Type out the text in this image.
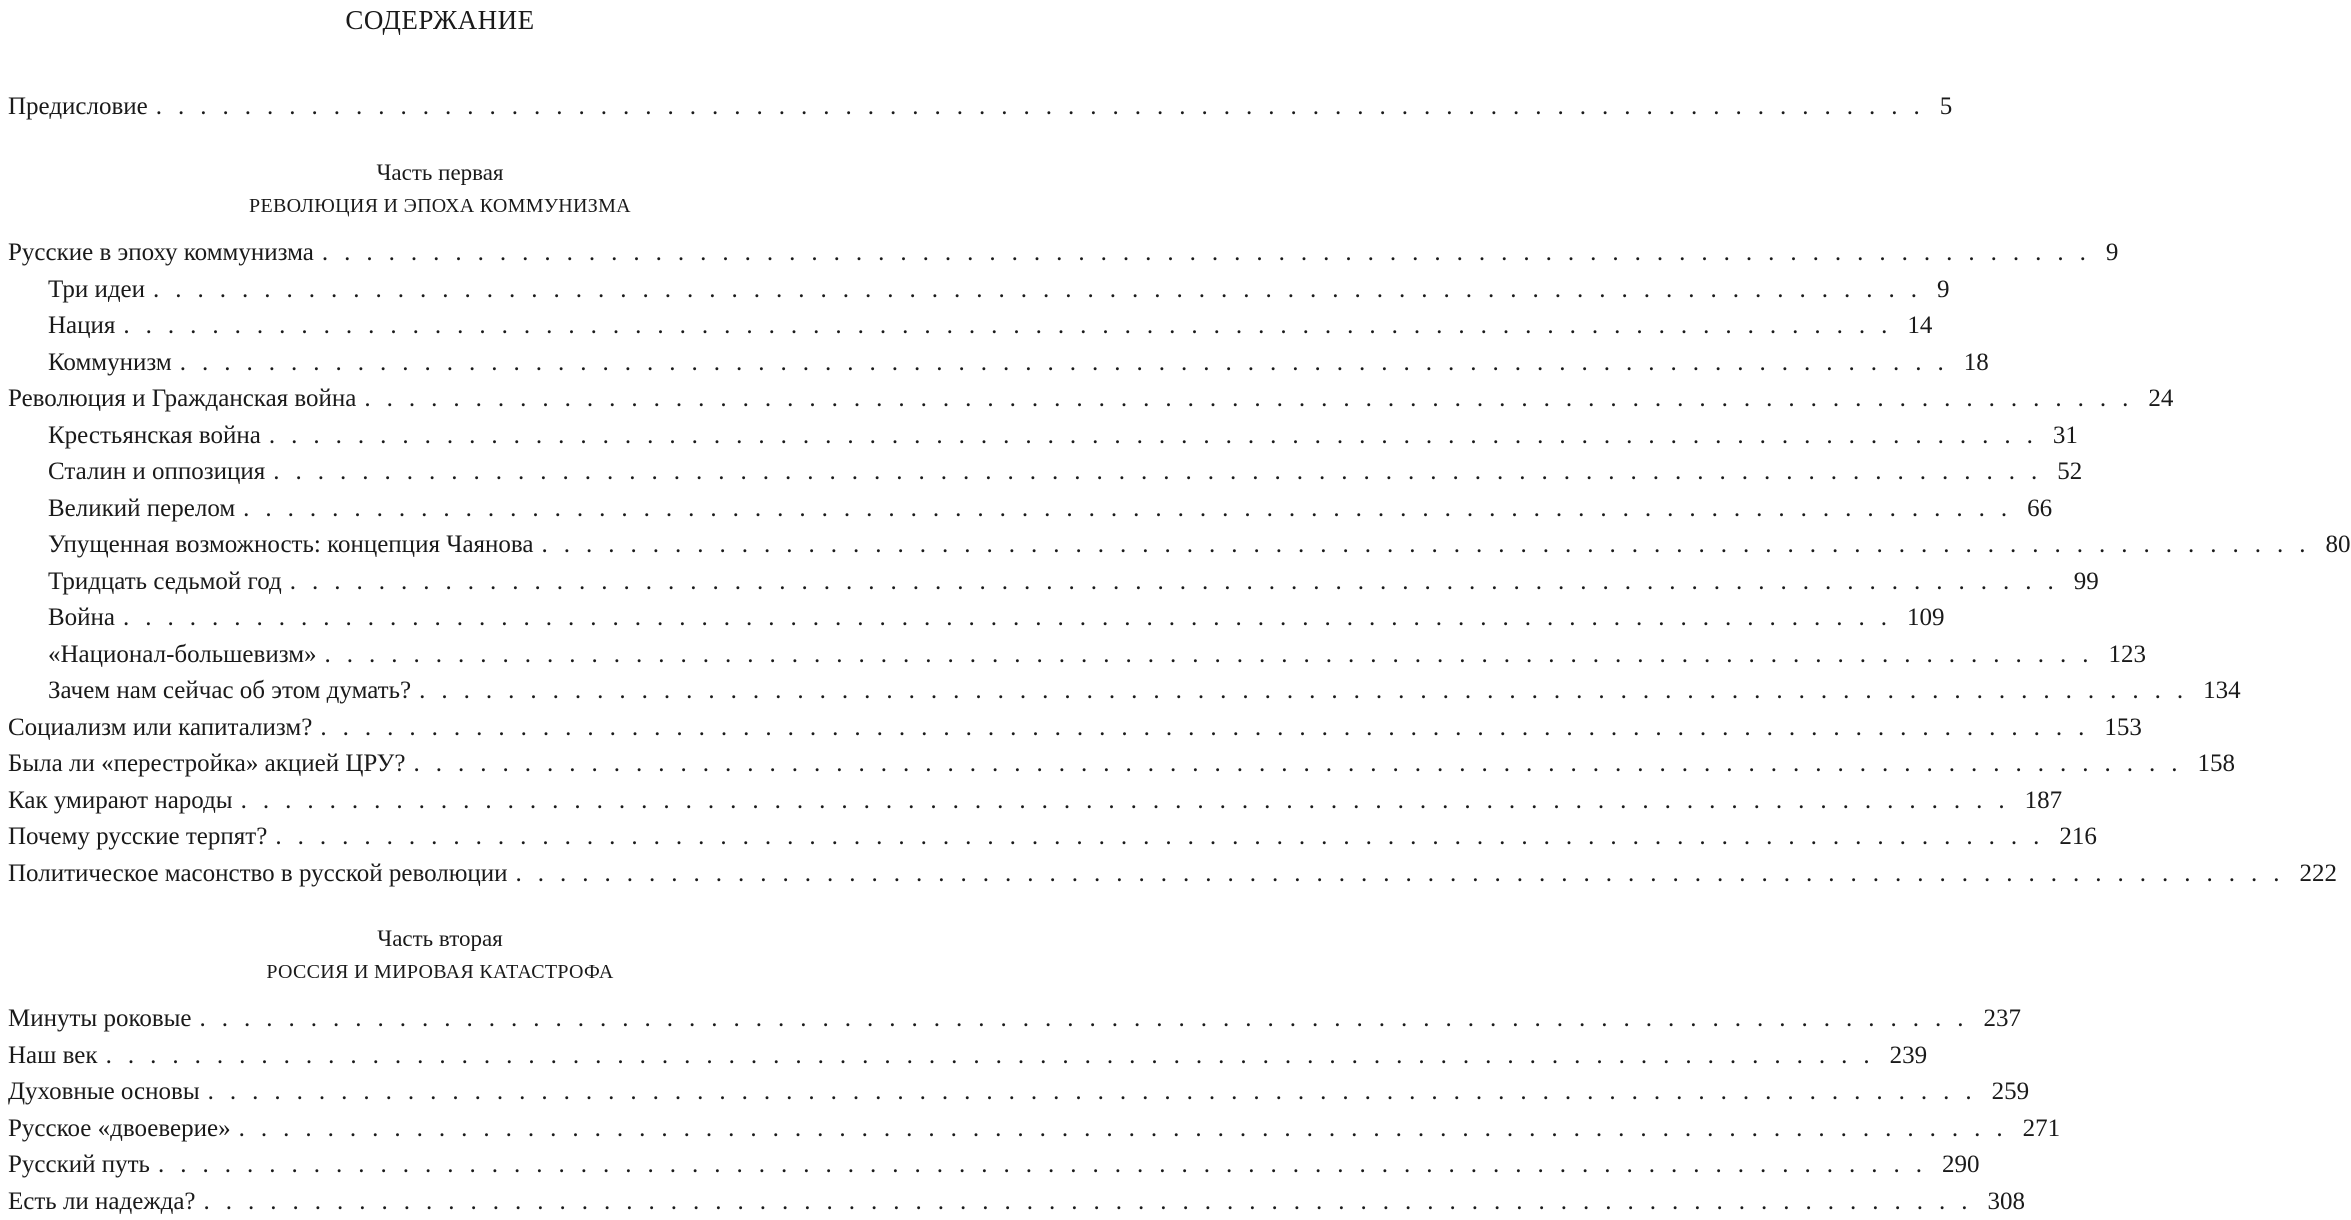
СОДЕРЖАНИЕ
Предисловие ................................................................................ 5
Часть первая
РЕВОЛЮЦИЯ И ЭПОХА КОММУНИЗМА
Русские в эпоху коммунизма ................................................................................ 9
Три идеи ................................................................................ 9
Нация ................................................................................ 14
Коммунизм ................................................................................ 18
Революция и Гражданская война ................................................................................ 24
Крестьянская война ................................................................................ 31
Сталин и оппозиция ................................................................................ 52
Великий перелом ................................................................................ 66
Упущенная возможность: концепция Чаянова ................................................................................ 80
Тридцать седьмой год ................................................................................ 99
Война ................................................................................ 109
«Национал-большевизм» ................................................................................ 123
Зачем нам сейчас об этом думать? ................................................................................ 134
Социализм или капитализм? ................................................................................ 153
Была ли «перестройка» акцией ЦРУ? ................................................................................ 158
Как умирают народы ................................................................................ 187
Почему русские терпят? ................................................................................ 216
Политическое масонство в русской революции ................................................................................ 222
Часть вторая
РОССИЯ И МИРОВАЯ КАТАСТРОФА
Минуты роковые ................................................................................ 237
Наш век ................................................................................ 239
Духовные основы ................................................................................ 259
Русское «двоеверие» ................................................................................ 271
Русский путь ................................................................................ 290
Есть ли надежда? ................................................................................ 308
